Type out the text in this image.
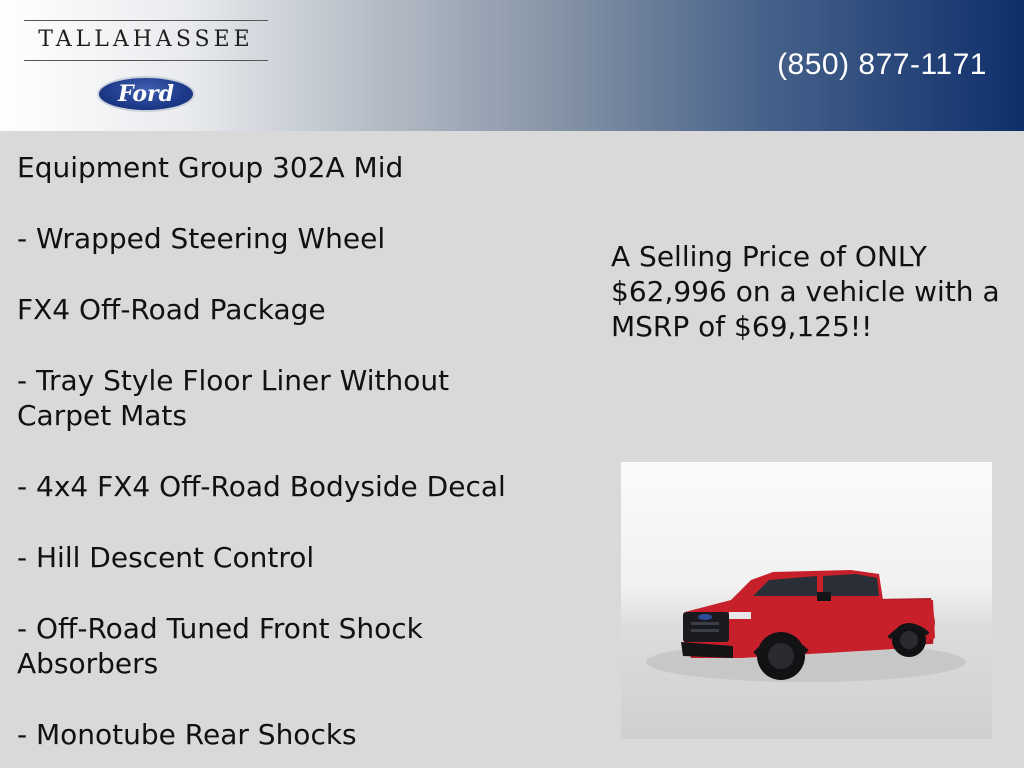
TALLAHASSEE
Ford
(850) 877-1171

Equipment Group 302A Mid

- Wrapped Steering Wheel

FX4 Off-Road Package

- Tray Style Floor Liner Without Carpet Mats

- 4x4 FX4 Off-Road Bodyside Decal

- Hill Descent Control

- Off-Road Tuned Front Shock Absorbers

- Monotube Rear Shocks

A Selling Price of ONLY $62,996 on a vehicle with a MSRP of $69,125!!
